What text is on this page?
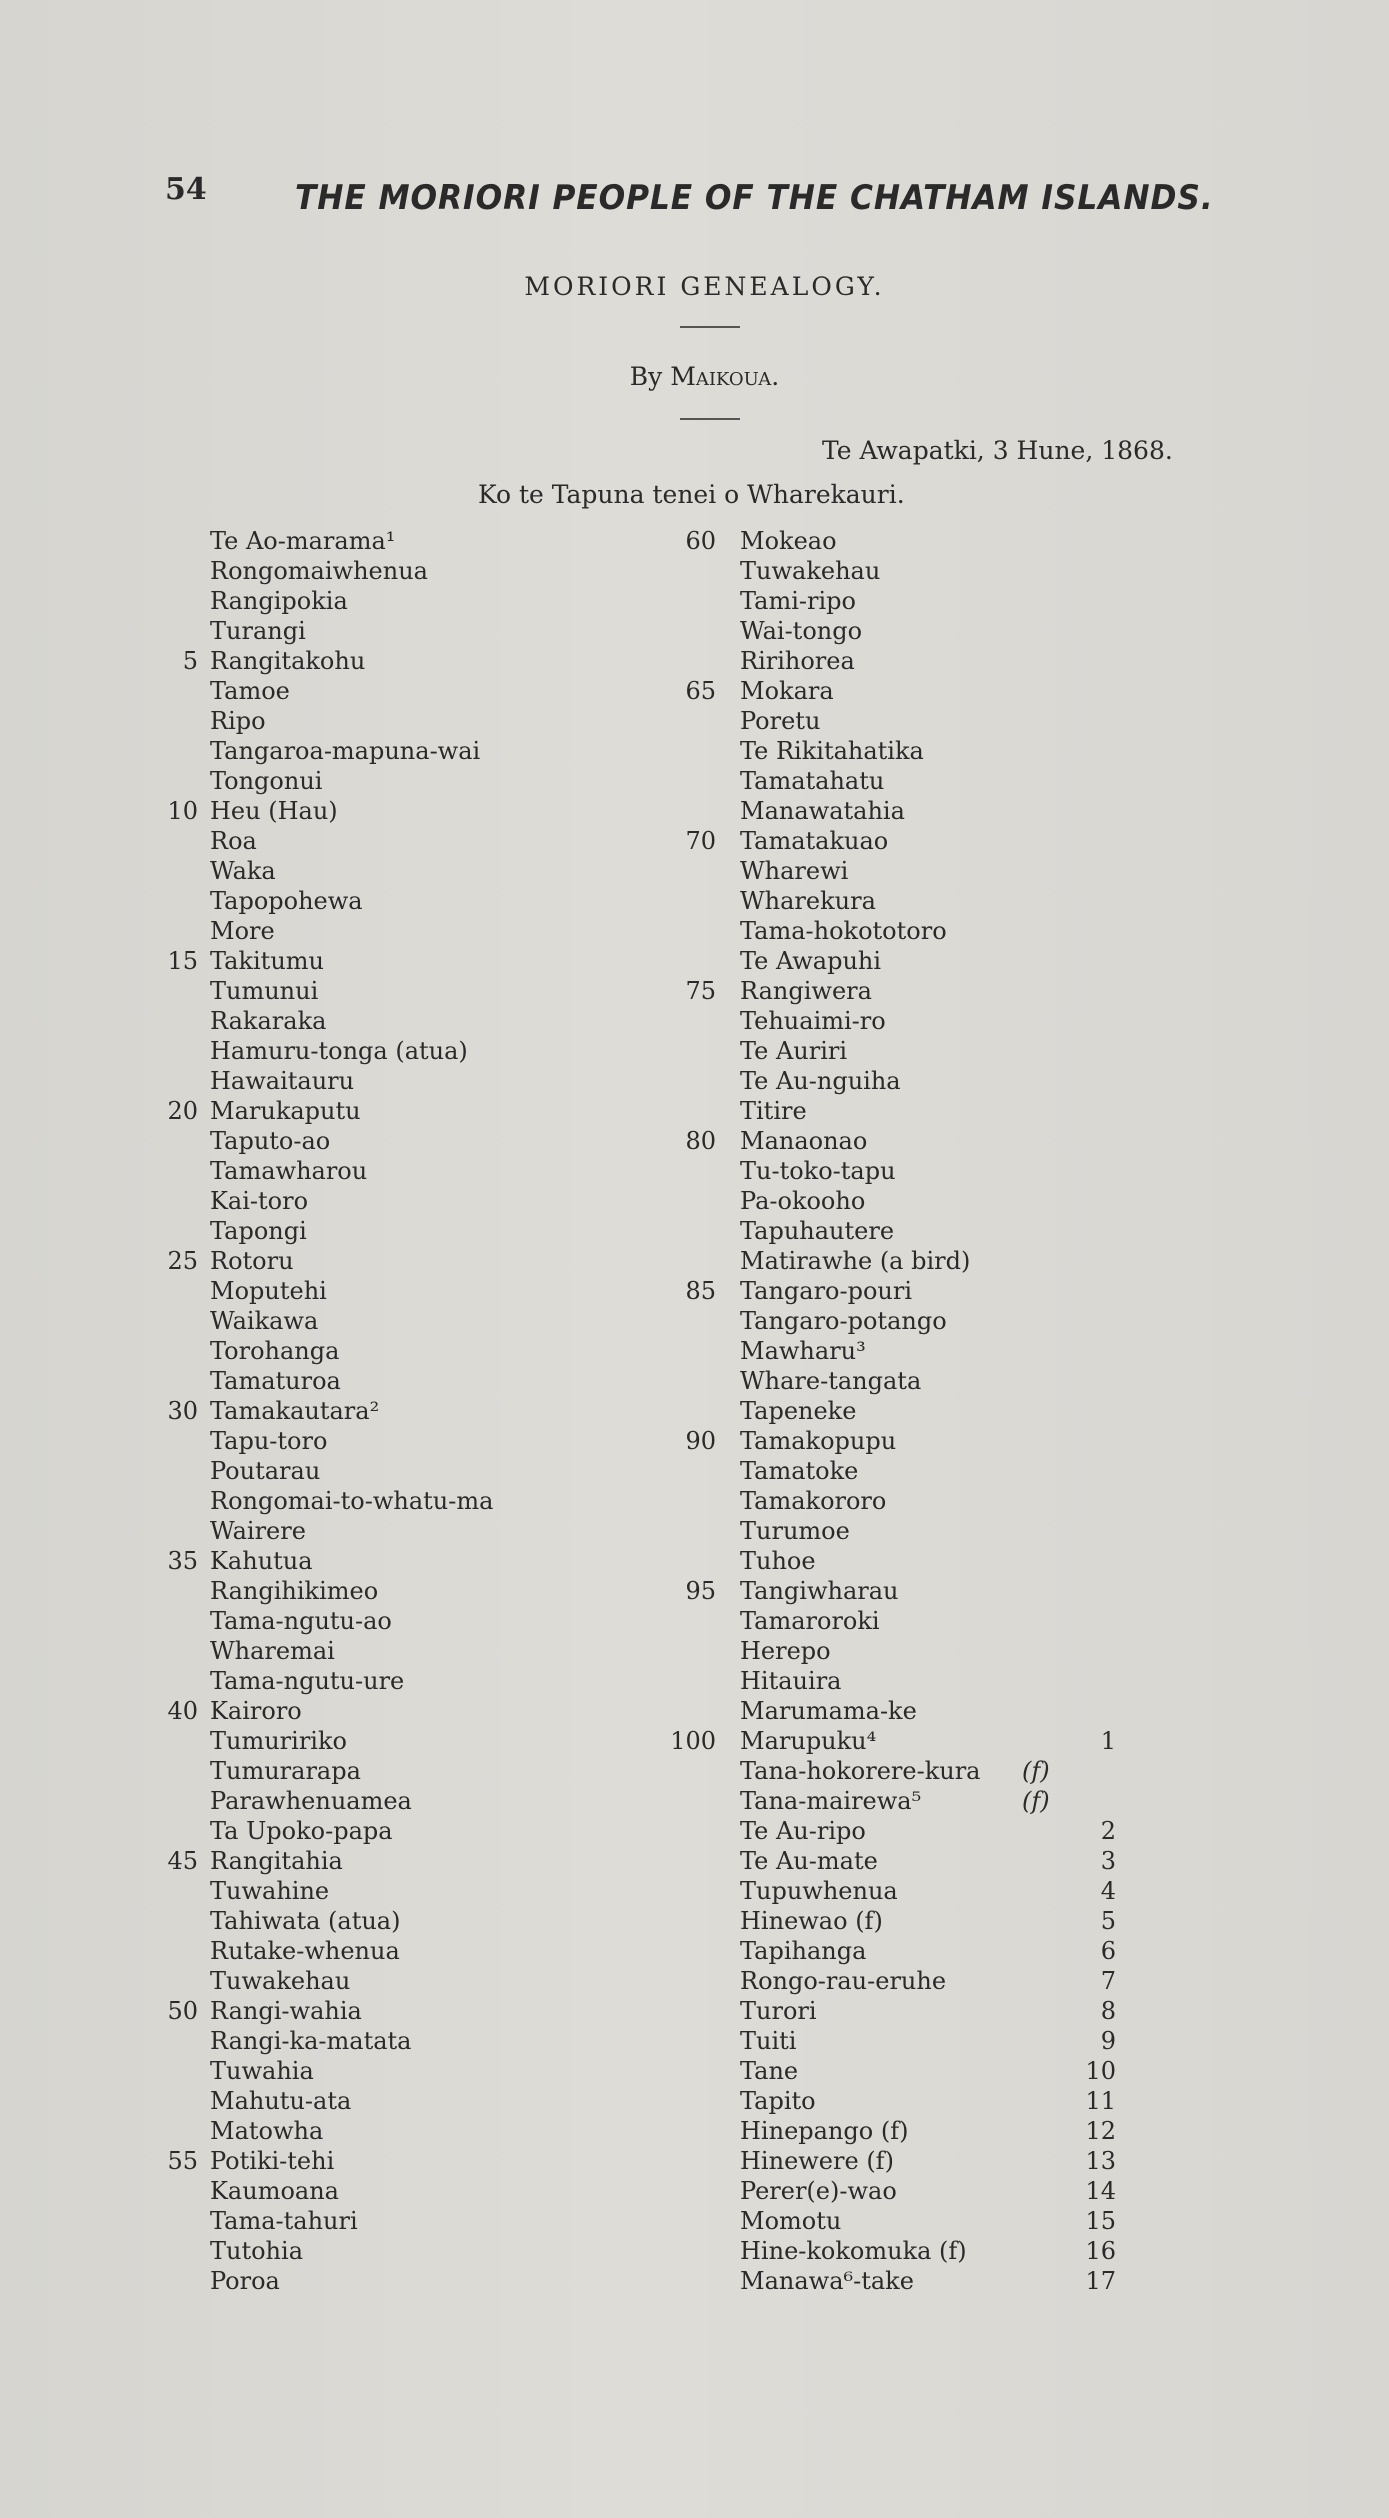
54	THE MORIORI PEOPLE OF THE CHATHAM ISLANDS.
MORIORI GENEALOGY.
By Maikoua.
Te Awapatki, 3 Hune, 1868.
Ko te Tapuna tenei o Wharekauri.
Te Ao-marama¹
Rongomaiwhenua
Rangipokia
Turangi
5 Rangitakohu
Tamoe
Ripo
Tangaroa-mapuna-wai
Tongonui
10 Heu (Hau)
Roa
Waka
Tapopohewa
More
15 Takitumu
Tumunui
Rakaraka
Hamuru-tonga (atua)
Hawaitauru
20 Marukaputu
Taputo-ao
Tamawharou
Kai-toro
Tapongi
25 Rotoru
Moputehi
Waikawa
Torohanga
Tamaturoa
30 Tamakautara²
Tapu-toro
Poutarau
Rongomai-to-whatu-ma
Wairere
35 Kahutua
Rangihikimeo
Tama-ngutu-ao
Wharemai
Tama-ngutu-ure
40 Kairoro
Tumuririko
Tumurarapa
Parawhenuamea
Ta Upoko-papa
45 Rangitahia
Tuwahine
Tahiwata (atua)
Rutake-whenua
Tuwakehau
50 Rangi-wahia
Rangi-ka-matata
Tuwahia
Mahutu-ata
Matowha
55 Potiki-tehi
Kaumoana
Tama-tahuri
Tutohia
Poroa
60 Mokeao
Tuwakehau
Tami-ripo
Wai-tongo
Ririhorea
65 Mokara
Poretu
Te Rikitahatika
Tamatahatu
Manawatahia
70 Tamatakuao
Wharewi
Wharekura
Tama-hokototoro
Te Awapuhi
75 Rangiwera
Tehuaimi-ro
Te Auriri
Te Au-nguiha
Titire
80 Manaonao
Tu-toko-tapu
Pa-okooho
Tapuhautere
Matirawhe (a bird)
85 Tangaro-pouri
Tangaro-potango
Mawharu³
Whare-tangata
Tapeneke
90 Tamakopupu
Tamatoke
Tamakororo
Turumoe
Tuhoe
95 Tangiwharau
Tamaroroki
Herepo
Hitauira
Marumama-ke
100 Marupuku⁴	1
Tana-hokorere-kura (f)
Tana-mairewa⁵	(f)
Te Au-ripo	2
Te Au-mate	3
Tupuwhenua	4
Hinewao (f)	5
Tapihanga	6
Rongo-rau-eruhe	7
Turori	8
Tuiti	9
Tane	10
Tapito	11
Hinepango (f)	12
Hinewere (f)	13
Perer(e)-wao	14
Momotu	15
Hine-kokomuka (f)	16
Manawa⁶-take	17
